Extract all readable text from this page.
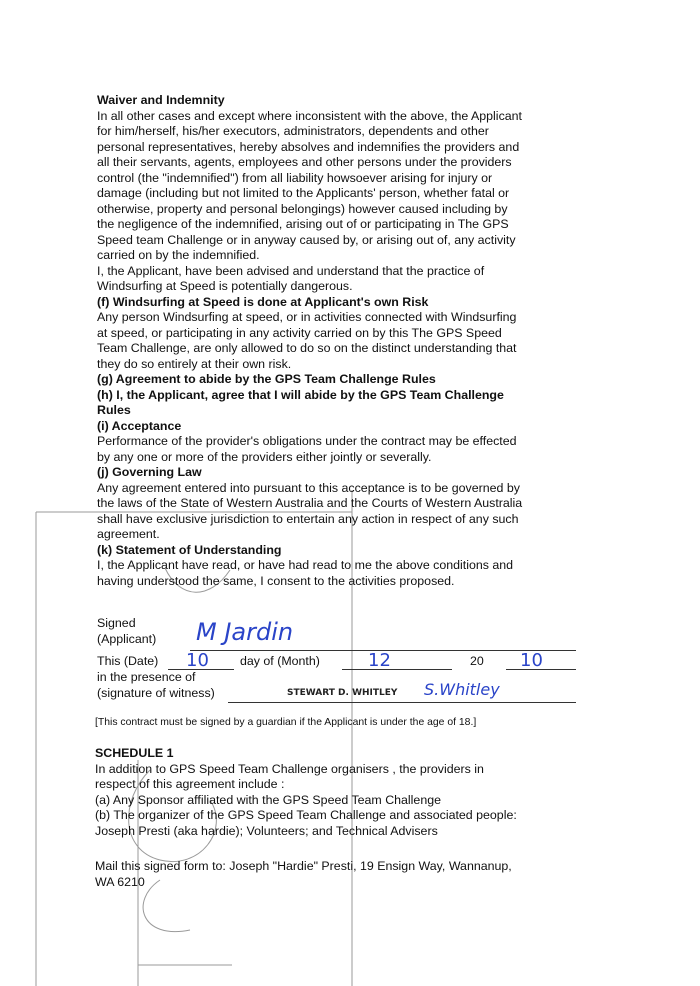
Waiver and Indemnity

In all other cases and except where inconsistent with the above, the Applicant

for him/herself, his/her executors, administrators, dependents and other

personal representatives, hereby absolves and indemnifies the providers and

all their servants, agents, employees and other persons under the providers

control (the "indemnified") from all liability howsoever arising for injury or

damage (including but not limited to the Applicants' person, whether fatal or

otherwise, property and personal belongings) however caused including by

the negligence of the indemnified, arising out of or participating in The GPS

Speed team Challenge or in anyway caused by, or arising out of, any activity

carried on by the indemnified.

I, the Applicant, have been advised and understand that the practice of

Windsurfing at Speed is potentially dangerous.

(f) Windsurfing at Speed is done at Applicant's own Risk

Any person Windsurfing at speed, or in activities connected with Windsurfing

at speed, or participating in any activity carried on by this The GPS Speed

Team Challenge, are only allowed to do so on the distinct understanding that

they do so entirely at their own risk.

(g) Agreement to abide by the GPS Team Challenge Rules

(h) I, the Applicant, agree that I will abide by the GPS Team Challenge

Rules

(i) Acceptance

Performance of the provider's obligations under the contract may be effected

by any one or more of the providers either jointly or severally.

(j) Governing Law

Any agreement entered into pursuant to this acceptance is to be governed by

the laws of the State of Western Australia and the Courts of Western Australia

shall have exclusive jurisdiction to entertain any action in respect of any such

agreement.

(k) Statement of Understanding

I, the Applicant have read, or have had read to me the above conditions and

having understood the same, I consent to the activities proposed.

Signed
(Applicant) M Jardin
This (Date) 10	day of (Month)	12	20 10
in the presence of
(signature of witness)	STEWART D. WHITLEY S.Whitley
[This contract must be signed by a guardian if the Applicant is under the age of 18.]

SCHEDULE 1

In addition to GPS Speed Team Challenge organisers , the providers in

respect of this agreement include :

(a) Any Sponsor affiliated with the GPS Speed Team Challenge

(b) The organizer of the GPS Speed Team Challenge and associated people:

Joseph Presti (aka hardie); Volunteers; and Technical Advisers

Mail this signed form to: Joseph "Hardie" Presti, 19 Ensign Way, Wannanup,

WA 6210
